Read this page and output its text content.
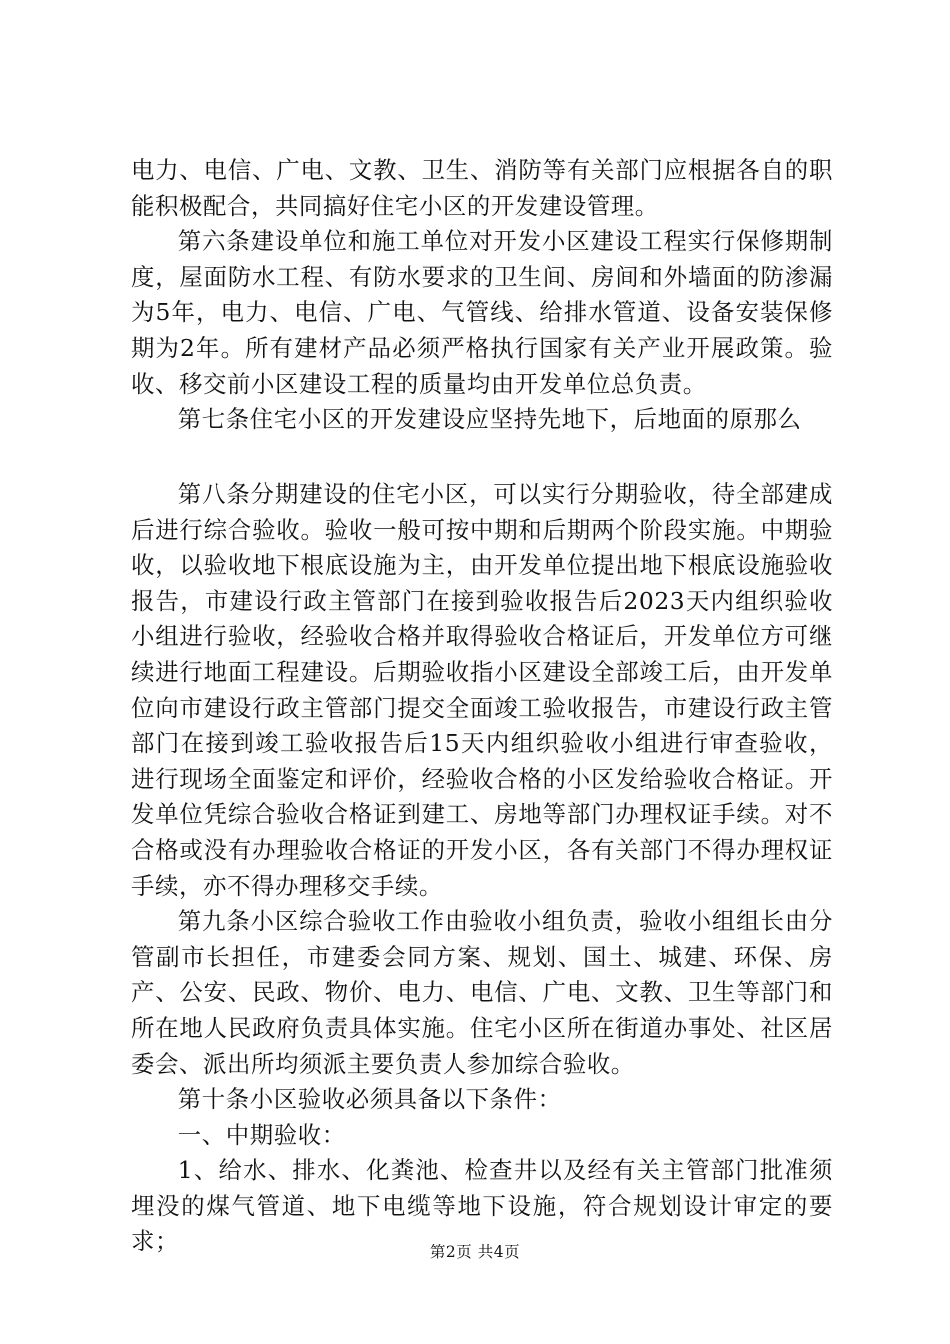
电力、电信、广电、文教、卫生、消防等有关部门应根据各自的职能积极配合，共同搞好住宅小区的开发建设管理。

第六条建设单位和施工单位对开发小区建设工程实行保修期制度，屋面防水工程、有防水要求的卫生间、房间和外墙面的防渗漏为5年，电力、电信、广电、气管线、给排水管道、设备安装保修期为2年。所有建材产品必须严格执行国家有关产业开展政策。验收、移交前小区建设工程的质量均由开发单位总负责。

第七条住宅小区的开发建设应坚持先地下，后地面的原那么

第八条分期建设的住宅小区，可以实行分期验收，待全部建成后进行综合验收。验收一般可按中期和后期两个阶段实施。中期验收，以验收地下根底设施为主，由开发单位提出地下根底设施验收报告，市建设行政主管部门在接到验收报告后2023天内组织验收小组进行验收，经验收合格并取得验收合格证后，开发单位方可继续进行地面工程建设。后期验收指小区建设全部竣工后，由开发单位向市建设行政主管部门提交全面竣工验收报告，市建设行政主管部门在接到竣工验收报告后15天内组织验收小组进行审查验收，进行现场全面鉴定和评价，经验收合格的小区发给验收合格证。开发单位凭综合验收合格证到建工、房地等部门办理权证手续。对不合格或没有办理验收合格证的开发小区，各有关部门不得办理权证手续，亦不得办理移交手续。

第九条小区综合验收工作由验收小组负责，验收小组组长由分管副市长担任，市建委会同方案、规划、国土、城建、环保、房产、公安、民政、物价、电力、电信、广电、文教、卫生等部门和所在地人民政府负责具体实施。住宅小区所在街道办事处、社区居委会、派出所均须派主要负责人参加综合验收。

第十条小区验收必须具备以下条件：

一、中期验收：

1、给水、排水、化粪池、检查井以及经有关主管部门批准须埋没的煤气管道、地下电缆等地下设施，符合规划设计审定的要求；	第2页 共4页
